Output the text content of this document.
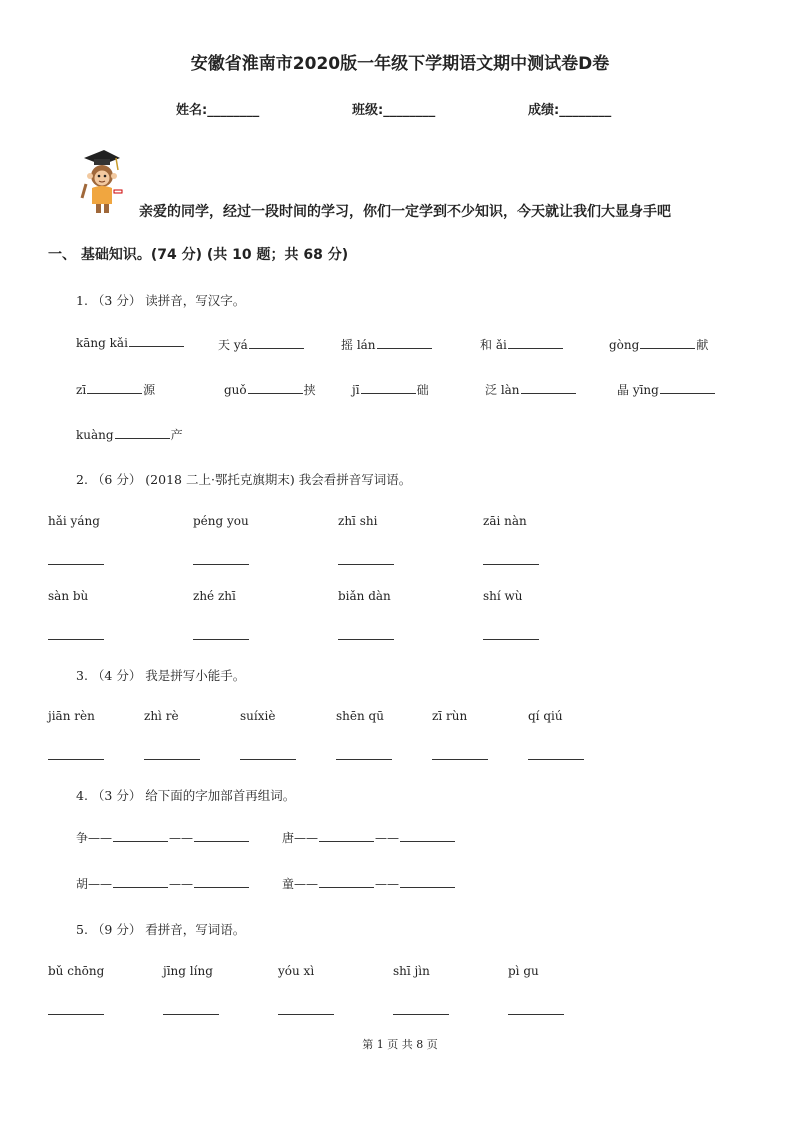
安徽省淮南市2020版一年级下学期语文期中测试卷D卷
姓名:________	班级:________	成绩:________
亲爱的同学，经过一段时间的学习，你们一定学到不少知识，今天就让我们大显身手吧
一、 基础知识。(74 分) (共 10 题；共 68 分)
1. （3 分） 读拼音，写汉字。
kāng kǎi	天 yá	摇 lán	和 ǎi	gòng	献
zī	源	guǒ	挟	jī	础	泛 làn	晶 yīng
kuàng	产
2. （6 分） (2018 二上·鄂托克旗期末) 我会看拼音写词语。
hǎi yáng	péng you	zhī shi	zāi nàn
sàn bù	zhé zhī	biǎn dàn	shí wù
3. （4 分） 我是拼写小能手。
jiān rèn	zhì rè	suíxiè	shēn qū	zī rùn	qí qiú
4. （3 分） 给下面的字加部首再组词。
争——	——	唐——	——
胡——	——	童——	——
5. （9 分） 看拼音，写词语。
bǔ chōng	jīng líng	yóu xì	shī jìn	pì gu
第 1 页 共 8 页
